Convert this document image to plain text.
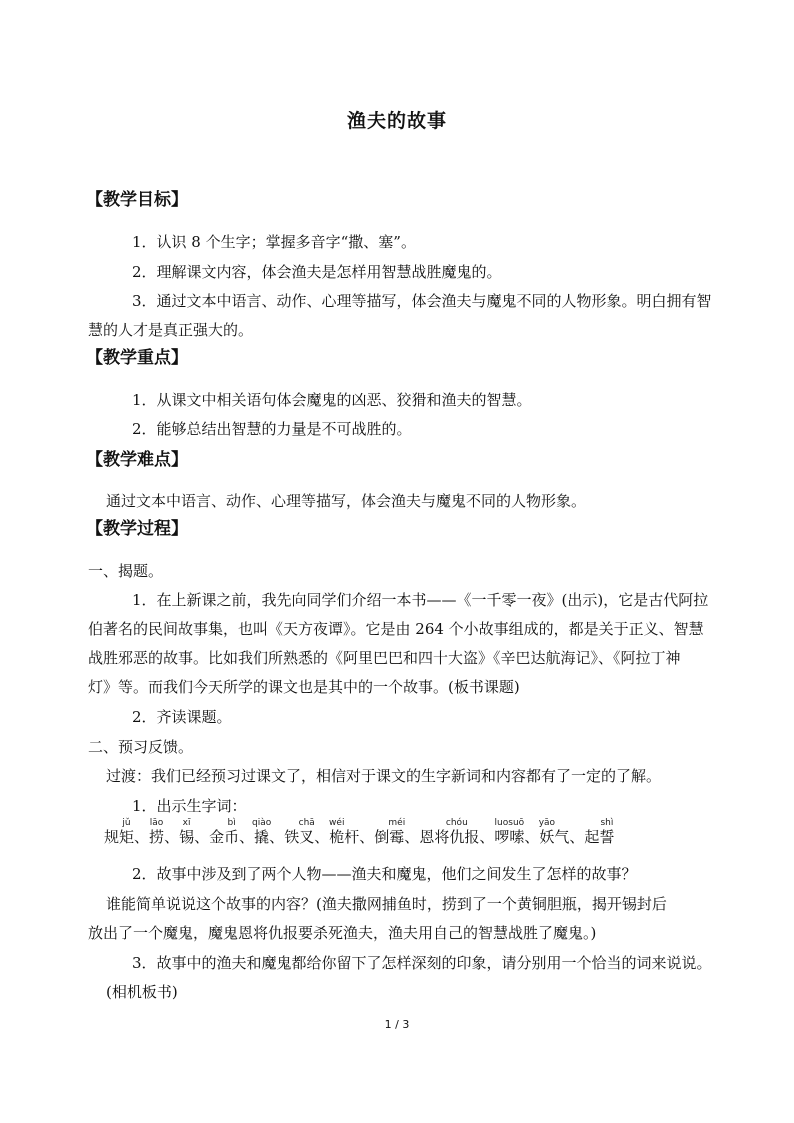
渔夫的故事
【教学目标】
1．认识 8 个生字；掌握多音字“撒、塞”。
2．理解课文内容，体会渔夫是怎样用智慧战胜魔鬼的。
3．通过文本中语言、动作、心理等描写，体会渔夫与魔鬼不同的人物形象。明白拥有智
慧的人才是真正强大的。
【教学重点】
1．从课文中相关语句体会魔鬼的凶恶、狡猾和渔夫的智慧。
2．能够总结出智慧的力量是不可战胜的。
【教学难点】
通过文本中语言、动作、心理等描写，体会渔夫与魔鬼不同的人物形象。
【教学过程】
一、揭题。
1．在上新课之前，我先向同学们介绍一本书——《一千零一夜》(出示)，它是古代阿拉
伯著名的民间故事集，也叫《天方夜谭》。它是由 264 个小故事组成的，都是关于正义、智慧
战胜邪恶的故事。比如我们所熟悉的《阿里巴巴和四十大盗》《辛巴达航海记》、《阿拉丁神
灯》等。而我们今天所学的课文也是其中的一个故事。(板书课题)
2．齐读课题。
二、预习反馈。
过渡：我们已经预习过课文了，相信对于课文的生字新词和内容都有了一定的了解。
1．出示生字词：
规矩jǔ、捞lāo、锡xī、金币bì、撬qiào、铁叉chā、桅wéi杆、倒霉méi、恩将仇chóu报、啰嗦luosuō、妖yāo气、起誓shì
2．故事中涉及到了两个人物——渔夫和魔鬼，他们之间发生了怎样的故事？
谁能简单说说这个故事的内容？(渔夫撒网捕鱼时，捞到了一个黄铜胆瓶，揭开锡封后
放出了一个魔鬼，魔鬼恩将仇报要杀死渔夫，渔夫用自己的智慧战胜了魔鬼。)
3．故事中的渔夫和魔鬼都给你留下了怎样深刻的印象，请分别用一个恰当的词来说说。
(相机板书)
1 / 3
